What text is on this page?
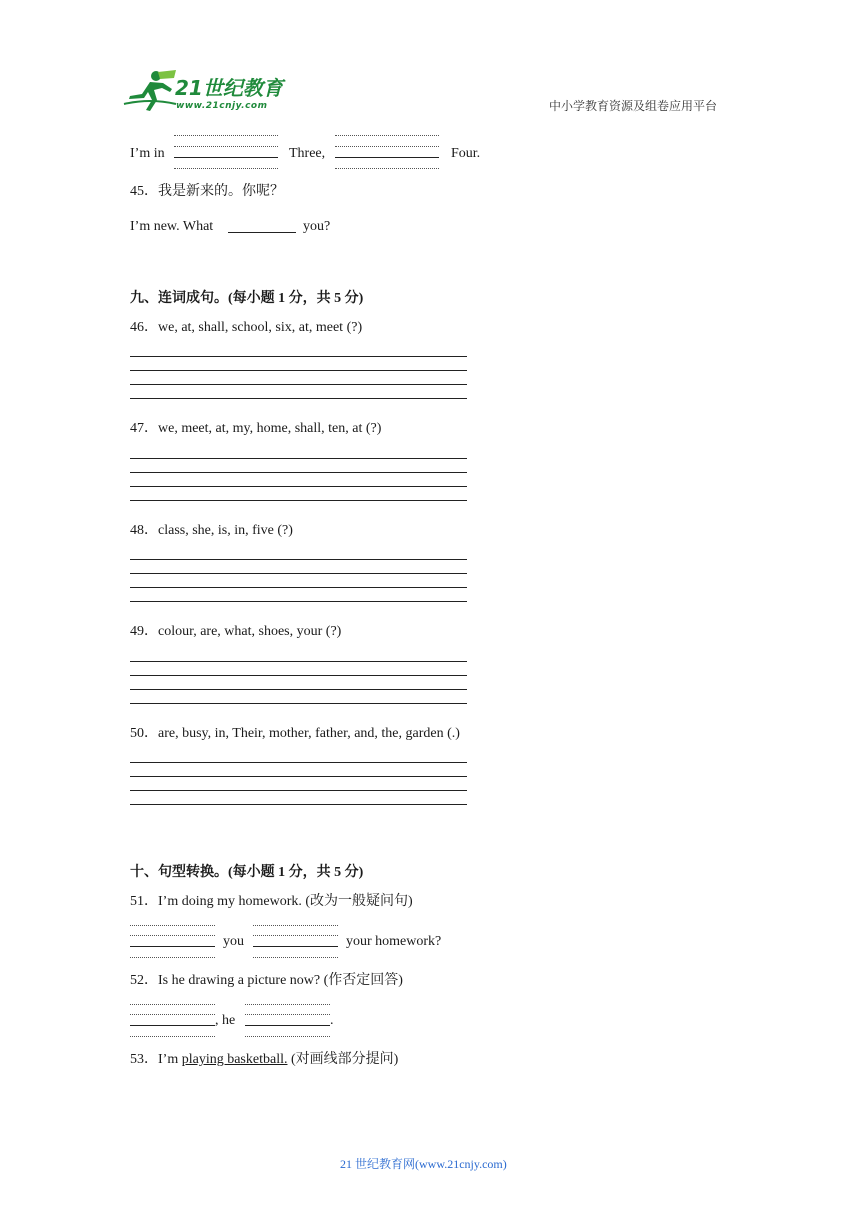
21世纪教育
www.21cnjy.com	中小学教育资源及组卷应用平台
I’m in	Three,	Four.
45．我是新来的。你呢？
I’m new. What	you?
九、连词成句。(每小题 1 分，共 5 分)
46．we, at, shall, school, six, at, meet (?)
47．we, meet, at, my, home, shall, ten, at (?)
48．class, she, is, in, five (?)
49．colour, are, what, shoes, your (?)
50．are, busy, in, Their, mother, father, and, the, garden (.)
十、句型转换。(每小题 1 分，共 5 分)
51．I’m doing my homework. (改为一般疑问句)
you	your homework?
52．Is he drawing a picture now? (作否定回答)
, he	.
53．I’m playing basketball. (对画线部分提问)
21 世纪教育网(www.21cnjy.com)
